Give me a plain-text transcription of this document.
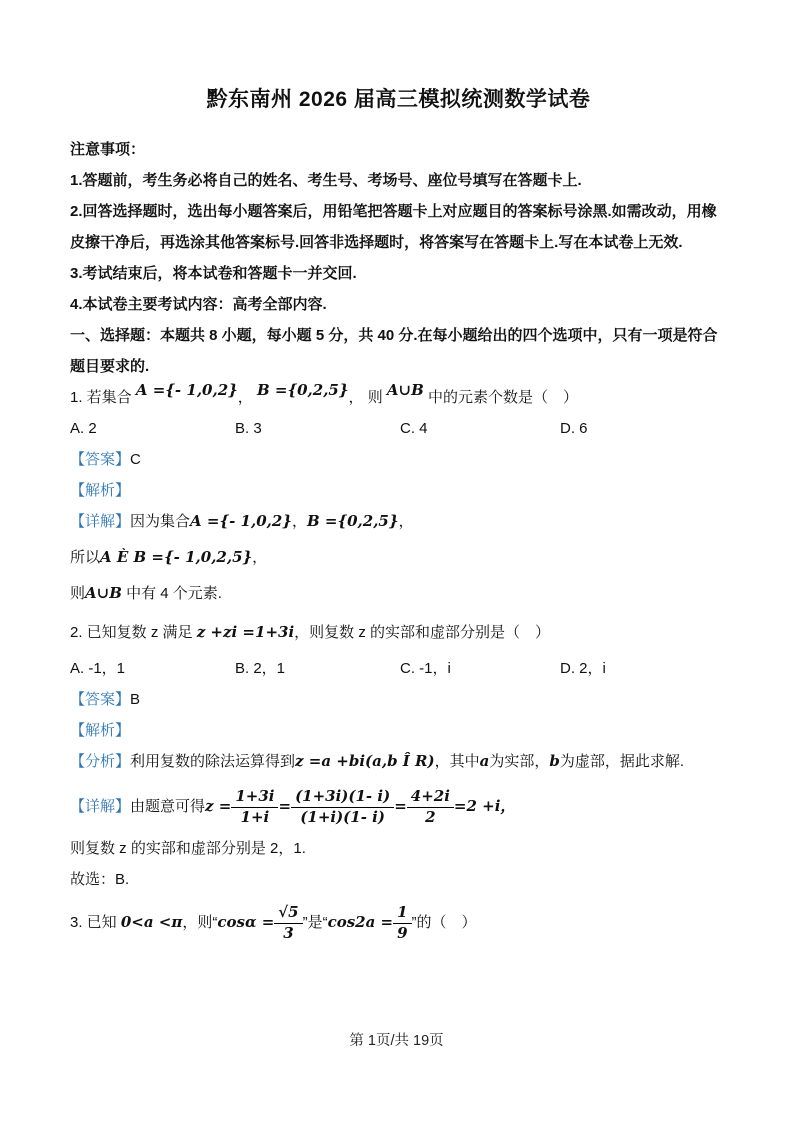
黔东南州 2026 届高三模拟统测数学试卷

注意事项：

1.答题前，考生务必将自己的姓名、考生号、考场号、座位号填写在答题卡上.

2.回答选择题时，选出每小题答案后，用铅笔把答题卡上对应题目的答案标号涂黑.如需改动，用橡皮擦干净后，再选涂其他答案标号.回答非选择题时，将答案写在答题卡上.写在本试卷上无效.

3.考试结束后，将本试卷和答题卡一并交回.

4.本试卷主要考试内容：高考全部内容.

一、选择题：本题共 8 小题，每小题 5 分，共 40 分.在每小题给出的四个选项中，只有一项是符合题目要求的.

1. 若集合 A ={- 1,0,2}， B ={0,2,5}， 则 A∪B 中的元素个数是（　）

A. 2	B. 3	C. 4	D. 6

【答案】C

【解析】

【详解】因为集合A ={- 1,0,2}，B ={0,2,5}，

所以A È B ={- 1,0,2,5}，

则A∪B 中有 4 个元素.

2. 已知复数 z 满足 z +zi =1+3i，则复数 z 的实部和虚部分别是（　）

A. -1，1	B. 2，1	C. -1，i	D. 2，i

【答案】B

【解析】

【分析】利用复数的除法运算得到z =a +bi(a,b Î R)，其中a为实部，b为虚部，据此求解.

【详解】由题意可得$z = \frac{1+3i}{1+i} = \frac{(1+3i)(1- i)}{(1+i)(1- i)} = \frac{4+2i}{2} =2 +i$，

则复数 z 的实部和虚部分别是 2，1.

故选：B.

3. 已知 0<a <π，则“$\cos\alpha = \frac{√5}{3}$ ”是“$\cos 2a = \frac{1}{9}$ ”的（　）

第 1页/共 19页
